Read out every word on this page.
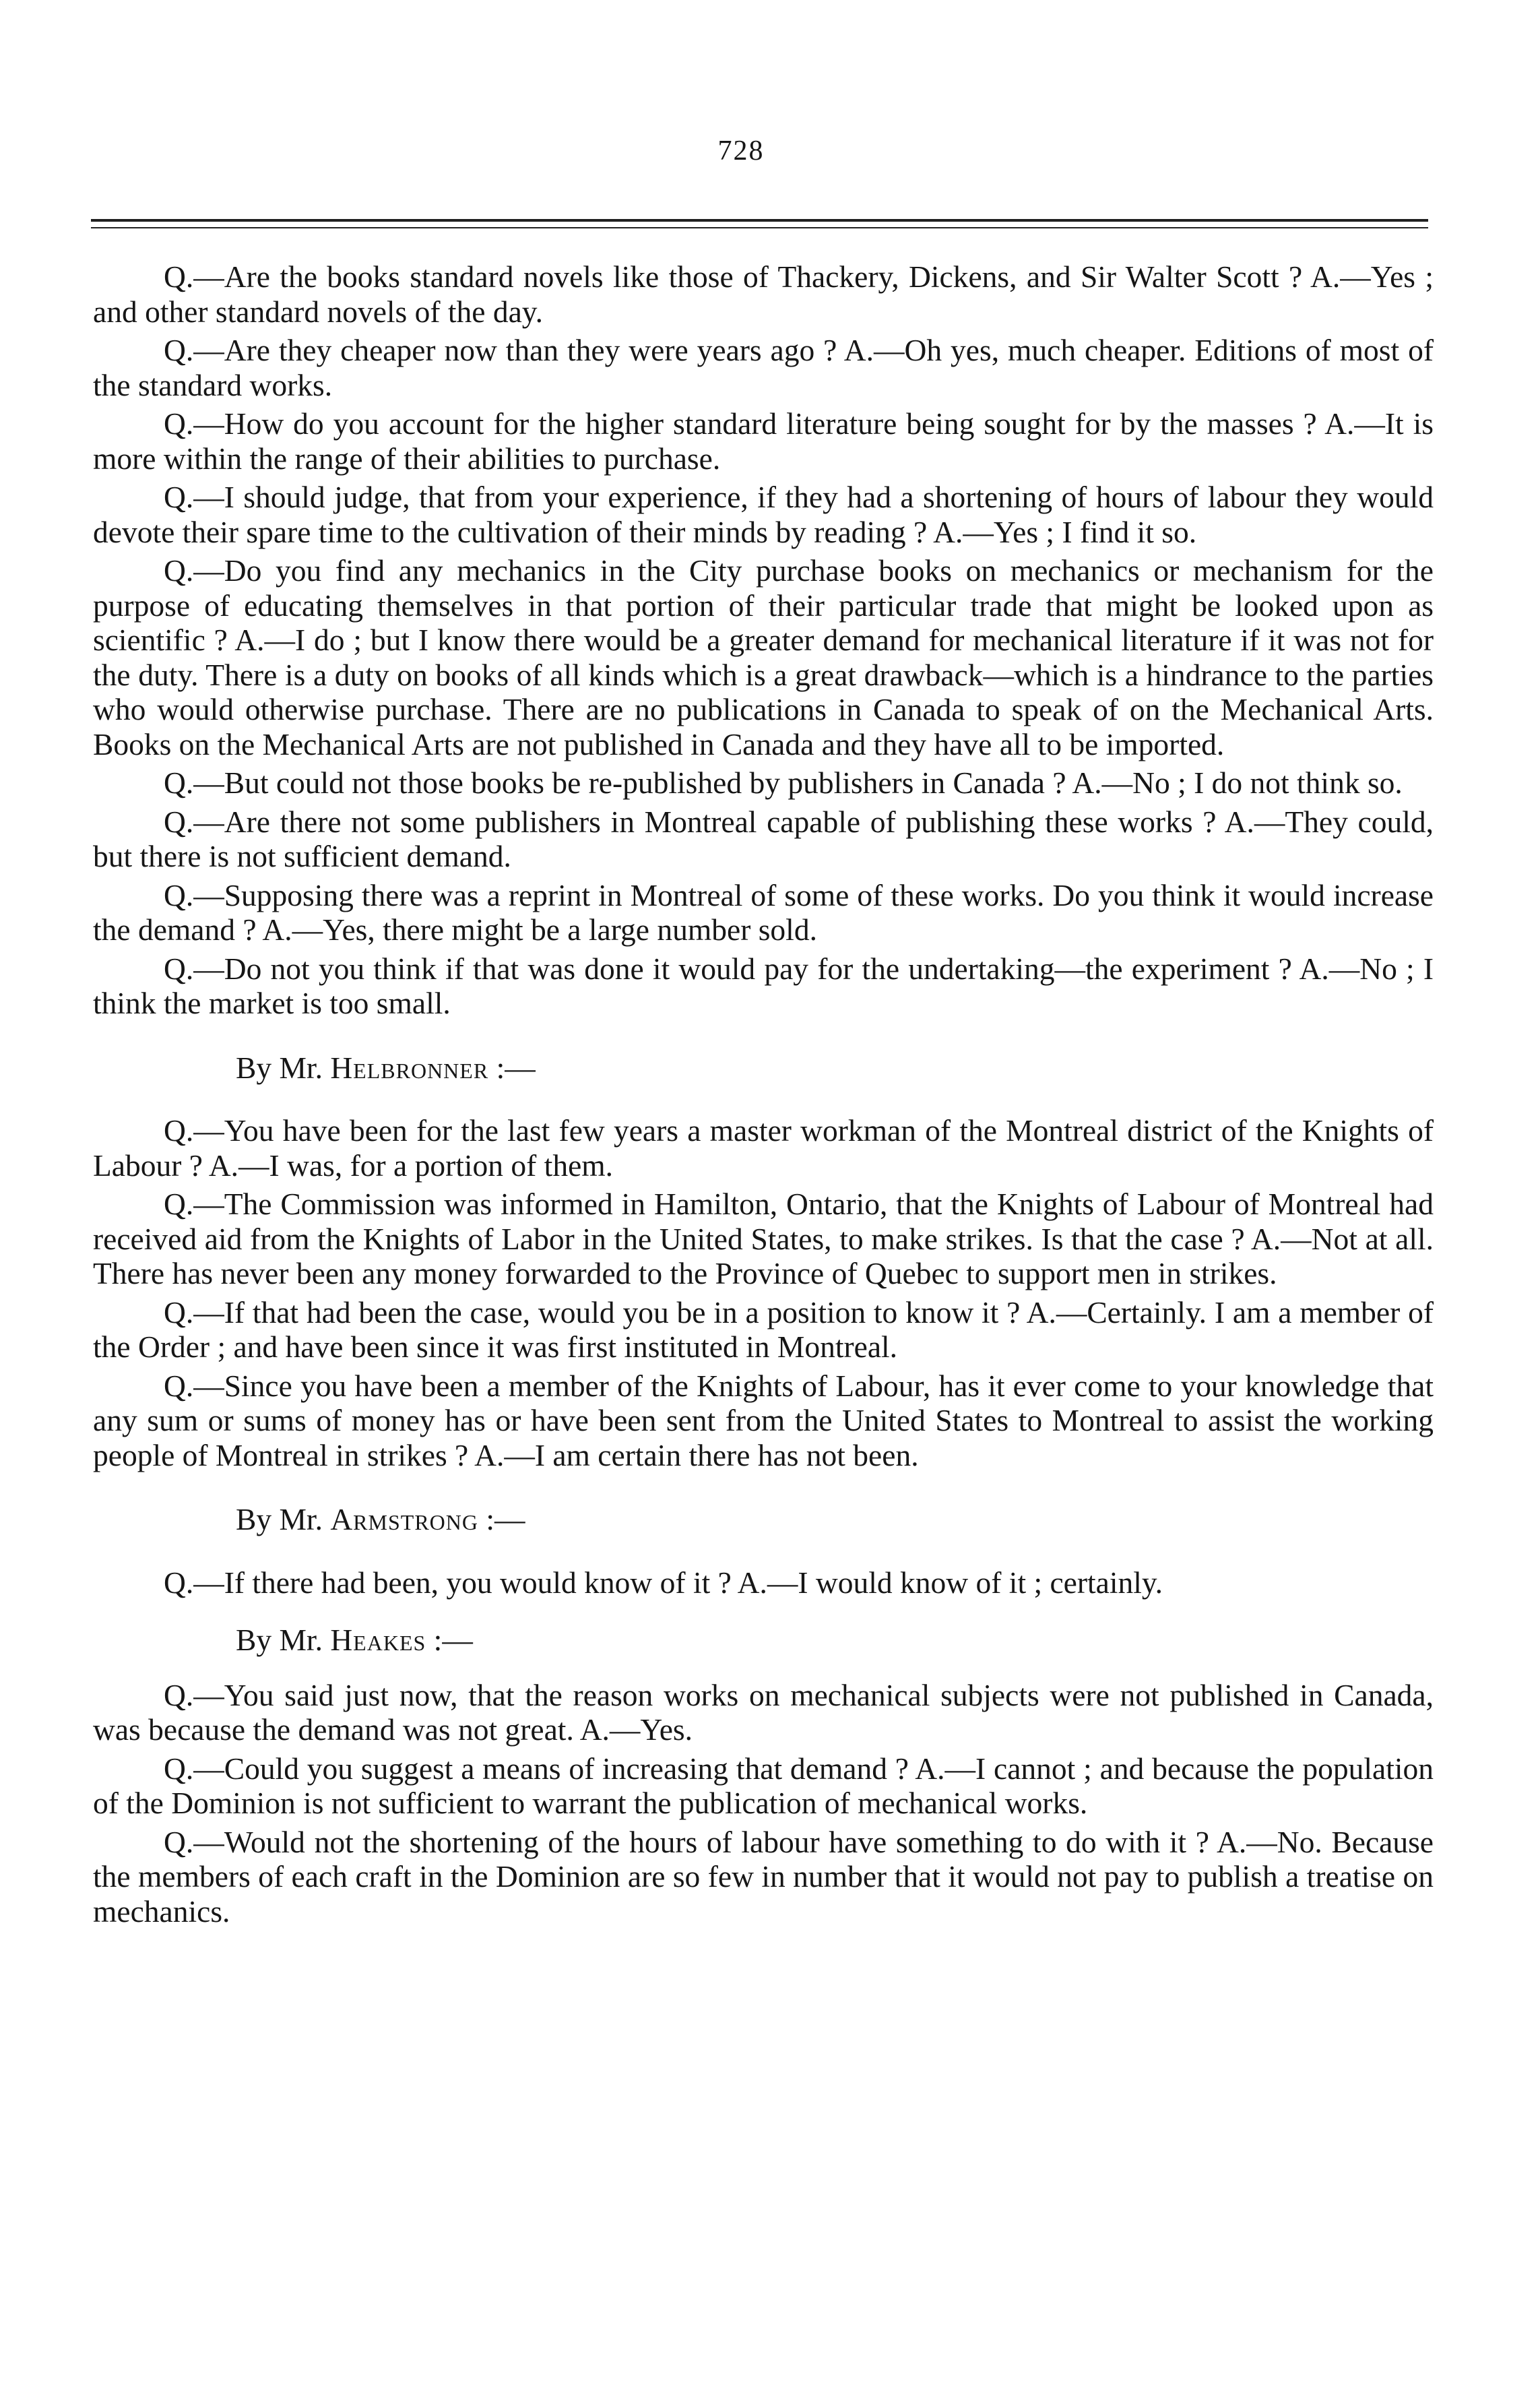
728

Q.—Are the books standard novels like those of Thackery, Dickens, and Sir Walter Scott ? A.—Yes ; and other standard novels of the day.

Q.—Are they cheaper now than they were years ago ? A.—Oh yes, much cheaper. Editions of most of the standard works.

Q.—How do you account for the higher standard literature being sought for by the masses ? A.—It is more within the range of their abilities to purchase.

Q.—I should judge, that from your experience, if they had a shortening of hours of labour they would devote their spare time to the cultivation of their minds by reading ? A.—Yes ; I find it so.

Q.—Do you find any mechanics in the City purchase books on mechanics or mechanism for the purpose of educating themselves in that portion of their particular trade that might be looked upon as scientific ? A.—I do ; but I know there would be a greater demand for mechanical literature if it was not for the duty. There is a duty on books of all kinds which is a great drawback—which is a hindrance to the parties who would otherwise purchase. There are no publications in Canada to speak of on the Mechanical Arts. Books on the Mechanical Arts are not published in Canada and they have all to be imported.

Q.—But could not those books be re-published by publishers in Canada ? A.—No ; I do not think so.

Q.—Are there not some publishers in Montreal capable of publishing these works ? A.—They could, but there is not sufficient demand.

Q.—Supposing there was a reprint in Montreal of some of these works. Do you think it would increase the demand ? A.—Yes, there might be a large number sold.

Q.—Do not you think if that was done it would pay for the undertaking—the experiment ? A.—No ; I think the market is too small.

By Mr. Helbronner :—

Q.—You have been for the last few years a master workman of the Montreal district of the Knights of Labour ? A.—I was, for a portion of them.

Q.—The Commission was informed in Hamilton, Ontario, that the Knights of Labour of Montreal had received aid from the Knights of Labor in the United States, to make strikes. Is that the case ? A.—Not at all. There has never been any money forwarded to the Province of Quebec to support men in strikes.

Q.—If that had been the case, would you be in a position to know it ? A.—Certainly. I am a member of the Order ; and have been since it was first instituted in Montreal.

Q.—Since you have been a member of the Knights of Labour, has it ever come to your knowledge that any sum or sums of money has or have been sent from the United States to Montreal to assist the working people of Montreal in strikes ? A.—I am certain there has not been.

By Mr. Armstrong :—

Q.—If there had been, you would know of it ? A.—I would know of it ; certainly.

By Mr. Heakes :—

Q.—You said just now, that the reason works on mechanical subjects were not published in Canada, was because the demand was not great. A.—Yes.

Q.—Could you suggest a means of increasing that demand ? A.—I cannot ; and because the population of the Dominion is not sufficient to warrant the publication of mechanical works.

Q.—Would not the shortening of the hours of labour have something to do with it ? A.—No. Because the members of each craft in the Dominion are so few in number that it would not pay to publish a treatise on mechanics.
